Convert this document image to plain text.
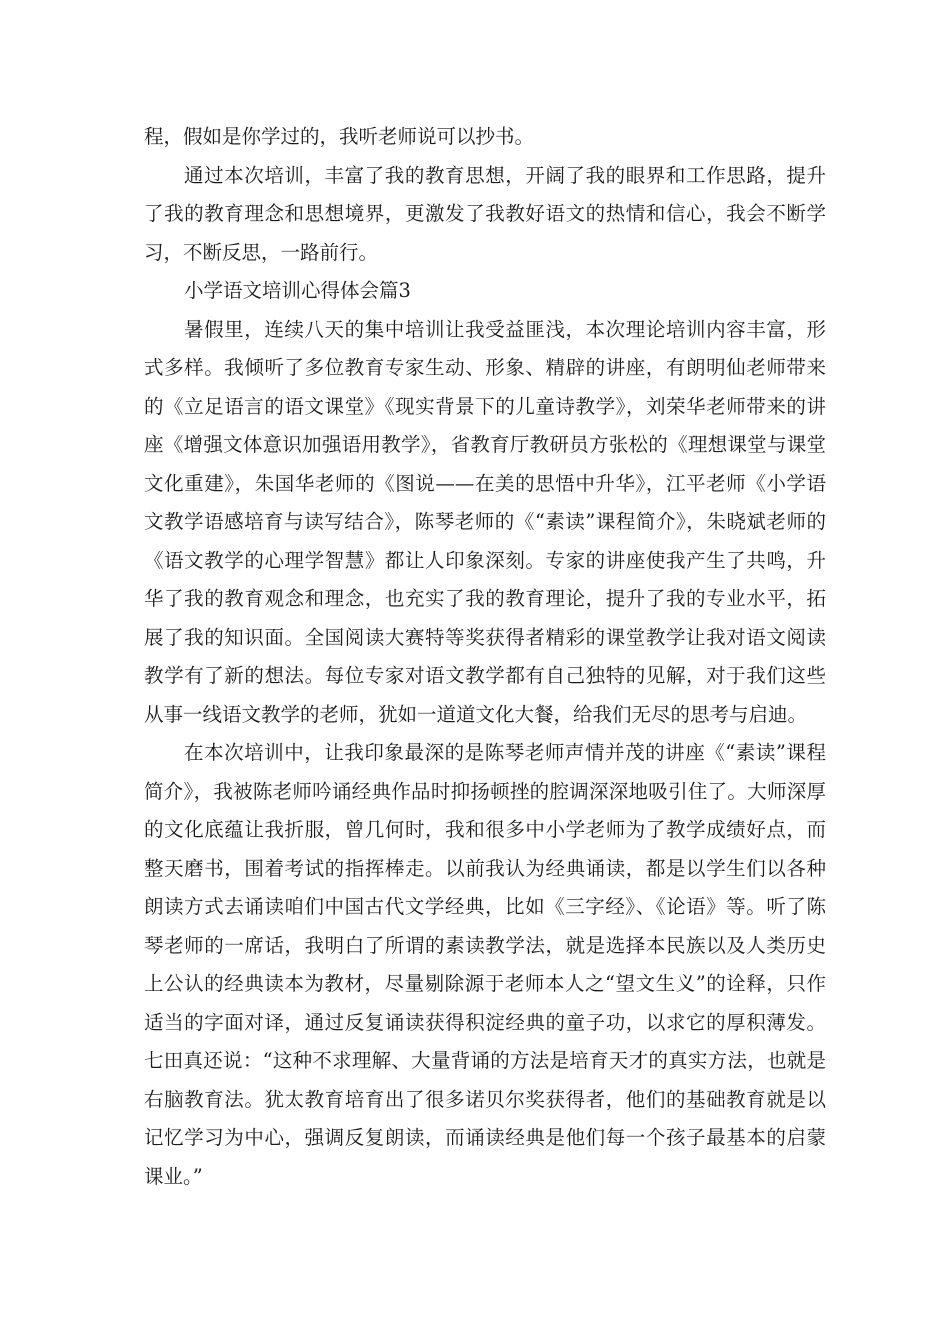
程，假如是你学过的，我听老师说可以抄书。

通过本次培训，丰富了我的教育思想，开阔了我的眼界和工作思路，提升了我的教育理念和思想境界，更激发了我教好语文的热情和信心，我会不断学习，不断反思，一路前行。

小学语文培训心得体会篇3

暑假里，连续八天的集中培训让我受益匪浅，本次理论培训内容丰富，形式多样。我倾听了多位教育专家生动、形象、精辟的讲座，有朗明仙老师带来的《立足语言的语文课堂》《现实背景下的儿童诗教学》，刘荣华老师带来的讲座《增强文体意识加强语用教学》，省教育厅教研员方张松的《理想课堂与课堂文化重建》，朱国华老师的《图说——在美的思悟中升华》，江平老师《小学语文教学语感培育与读写结合》，陈琴老师的《“素读”课程简介》，朱晓斌老师的《语文教学的心理学智慧》都让人印象深刻。专家的讲座使我产生了共鸣，升华了我的教育观念和理念，也充实了我的教育理论，提升了我的专业水平，拓展了我的知识面。全国阅读大赛特等奖获得者精彩的课堂教学让我对语文阅读教学有了新的想法。每位专家对语文教学都有自己独特的见解，对于我们这些从事一线语文教学的老师，犹如一道道文化大餐，给我们无尽的思考与启迪。

在本次培训中，让我印象最深的是陈琴老师声情并茂的讲座《“素读”课程简介》，我被陈老师吟诵经典作品时抑扬顿挫的腔调深深地吸引住了。大师深厚的文化底蕴让我折服，曾几何时，我和很多中小学老师为了教学成绩好点，而整天磨书，围着考试的指挥棒走。以前我认为经典诵读，都是以学生们以各种朗读方式去诵读咱们中国古代文学经典，比如《三字经》、《论语》等。听了陈琴老师的一席话，我明白了所谓的素读教学法，就是选择本民族以及人类历史上公认的经典读本为教材，尽量剔除源于老师本人之“望文生义”的诠释，只作适当的字面对译，通过反复诵读获得积淀经典的童子功，以求它的厚积薄发。七田真还说：“这种不求理解、大量背诵的方法是培育天才的真实方法，也就是右脑教育法。犹太教育培育出了很多诺贝尔奖获得者，他们的基础教育就是以记忆学习为中心，强调反复朗读，而诵读经典是他们每一个孩子最基本的启蒙课业。”
